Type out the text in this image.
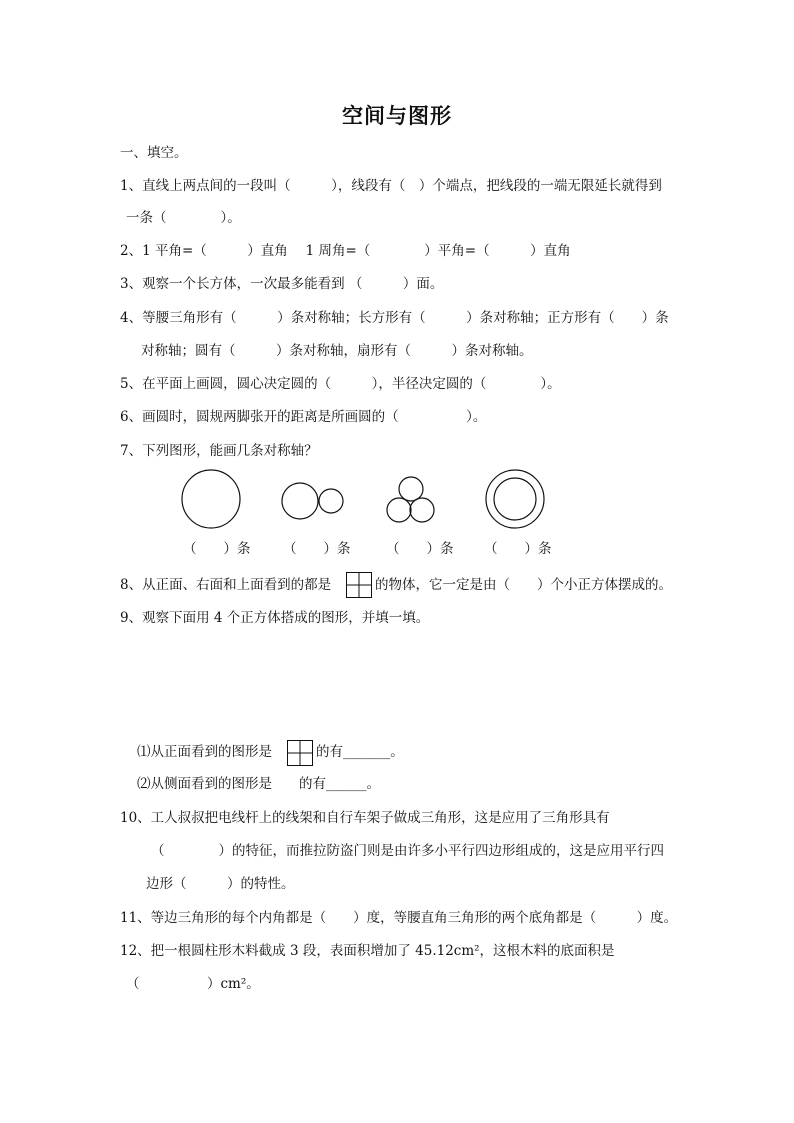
空间与图形
一、填空。
1、直线上两点间的一段叫（　　　），线段有（　）个端点，把线段的一端无限延长就得到
一条（　　　　）。
2、1 平角=（　　　）直角　 1 周角=（　　　　）平角=（　　　）直角
3、观察一个长方体，一次最多能看到 （　　　）面。
4、等腰三角形有（　　　）条对称轴；长方形有（　　　）条对称轴；正方形有（　　）条
对称轴；圆有（　　　）条对称轴，扇形有（　　　）条对称轴。
5、在平面上画圆，圆心决定圆的（　　　），半径决定圆的（　　　　）。
6、画圆时，圆规两脚张开的距离是所画圆的（　　　　　）。
7、下列图形，能画几条对称轴？
（　　）条 （　　）条	（　　）条 （　　）条
8、从正面、右面和上面看到的都是	的物体，它一定是由（　　）个小正方体摆成的。
9、观察下面用 4 个正方体搭成的图形，并填一填。
⑴从正面看到的图形是	的有_______。
⑵从侧面看到的图形是　　的有______。
10、工人叔叔把电线杆上的线架和自行车架子做成三角形，这是应用了三角形具有
（　　　　）的特征，而推拉防盗门则是由许多小平行四边形组成的，这是应用平行四
边形（　　　）的特性。
11、等边三角形的每个内角都是（　　）度，等腰直角三角形的两个底角都是（　　　）度。
12、把一根圆柱形木料截成 3 段，表面积增加了 45.12cm²，这根木料的底面积是
（　　　　　）cm²。
